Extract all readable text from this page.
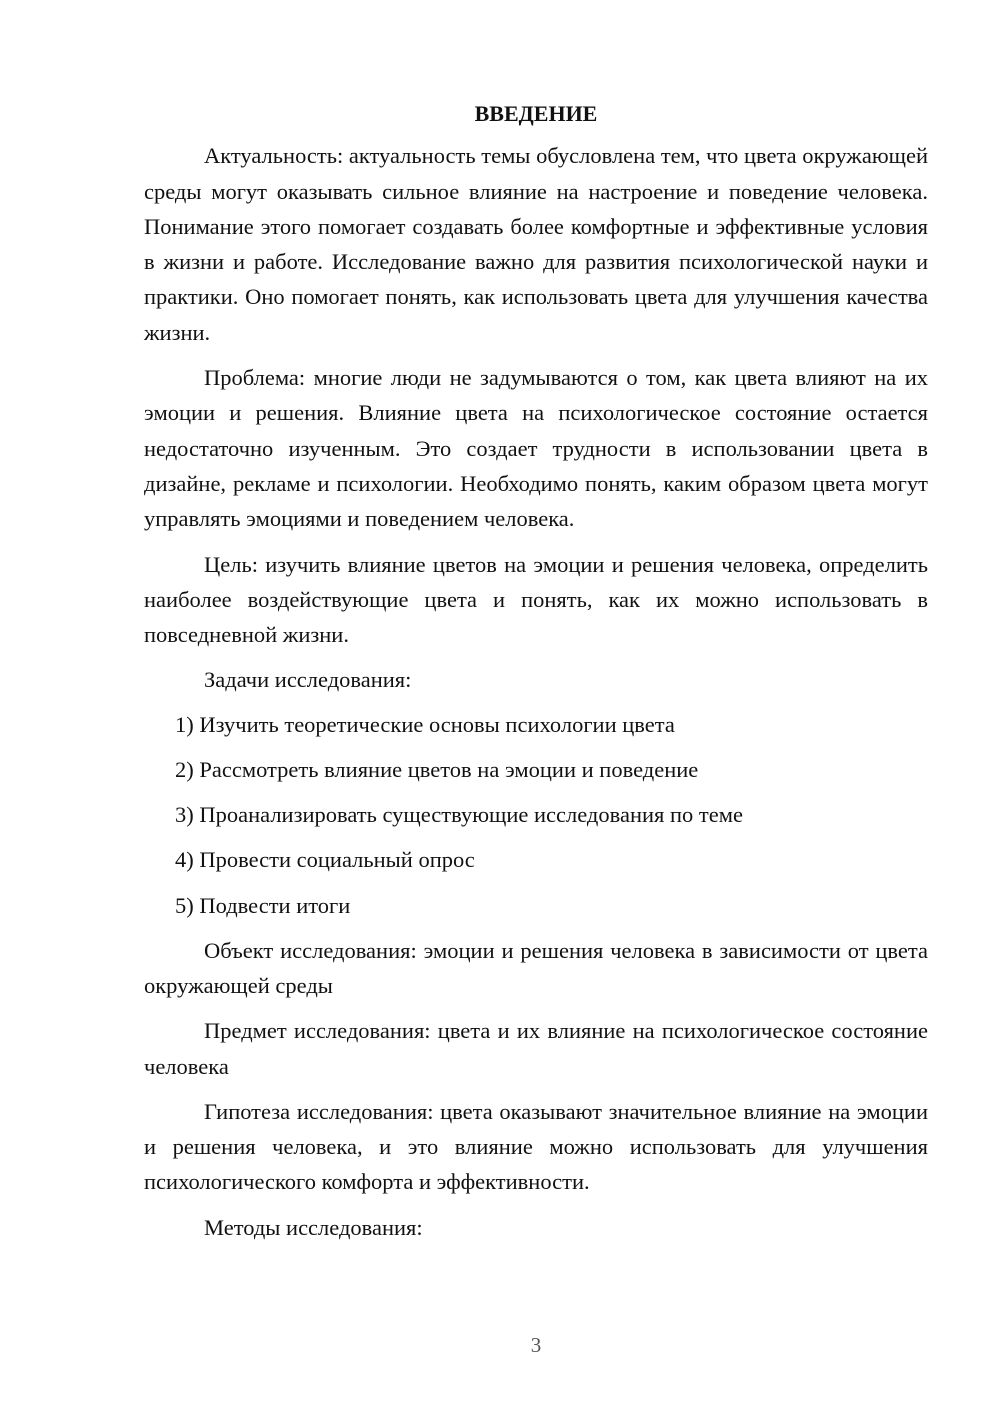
ВВЕДЕНИЕ

Актуальность: актуальность темы обусловлена тем, что цвета окружающей среды могут оказывать сильное влияние на настроение и поведение человека. Понимание этого помогает создавать более комфортные и эффективные условия в жизни и работе. Исследование важно для развития психологической науки и практики. Оно помогает понять, как использовать цвета для улучшения качества жизни.

Проблема: многие люди не задумываются о том, как цвета влияют на их эмоции и решения. Влияние цвета на психологическое состояние остается недостаточно изученным. Это создает трудности в использовании цвета в дизайне, рекламе и психологии. Необходимо понять, каким образом цвета могут управлять эмоциями и поведением человека.

Цель: изучить влияние цветов на эмоции и решения человека, определить наиболее воздействующие цвета и понять, как их можно использовать в повседневной жизни.

Задачи исследования:

1) Изучить теоретические основы психологии цвета
2) Рассмотреть влияние цветов на эмоции и поведение
3) Проанализировать существующие исследования по теме
4) Провести социальный опрос
5) Подвести итоги

Объект исследования: эмоции и решения человека в зависимости от цвета окружающей среды

Предмет исследования: цвета и их влияние на психологическое состояние человека

Гипотеза исследования: цвета оказывают значительное влияние на эмоции и решения человека, и это влияние можно использовать для улучшения психологического комфорта и эффективности.

Методы исследования:

3
